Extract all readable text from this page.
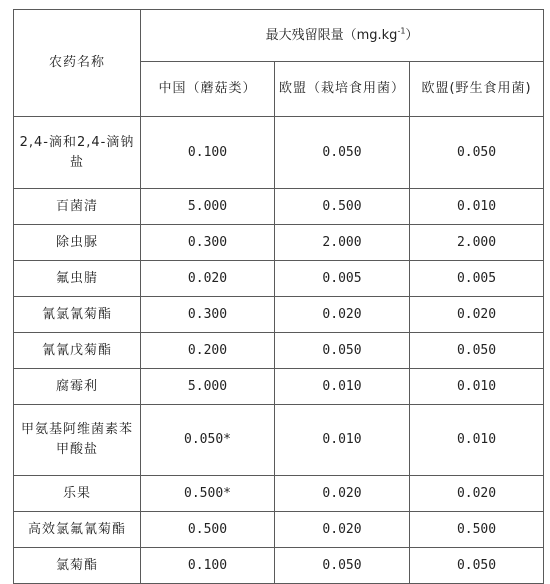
农药名称	最大残留限量$(mg.kg^{-1})$		
	中国（蘑菇类）	欧盟（栽培食用菌）	欧盟(野生食用菌)
2,4-滴和2,4-滴钠盐	0.100	0.050	0.050
百菌清	5.000	0.500	0.010
除虫脲	0.300	2.000	2.000
氟虫腈	0.020	0.005	0.005
氰氯氰菊酯	0.300	0.020	0.020
氰氰戊菊酯	0.200	0.050	0.050
腐霉利	5.000	0.010	0.010
甲氨基阿维菌素苯甲酸盐	0.050*	0.010	0.010
乐果	0.500*	0.020	0.020
高效氯氟氰菊酯	0.500	0.020	0.500
氯菊酯	0.100	0.050	0.050
